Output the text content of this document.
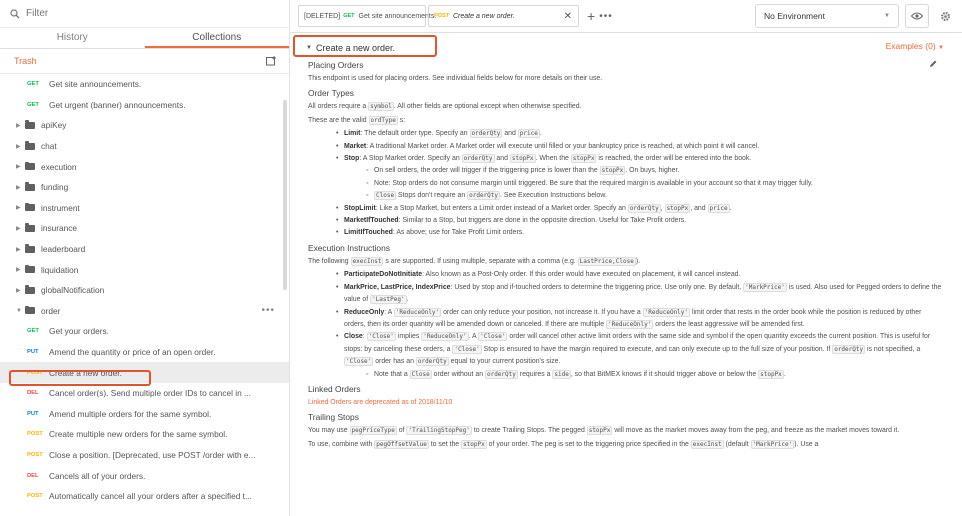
Filter
History	Collections
Trash
GET	Get site announcements.
GET	Get urgent (banner) announcements.
▶	apiKey
▶	chat
▶	execution
▶	funding
▶	instrument
▶	insurance
▶	leaderboard
▶	liquidation
▶	globalNotification
▼	order	•••
GET	Get your orders.
PUT	Amend the quantity or price of an open order.
POST Create a new order.
DEL	Cancel order(s). Send multiple order IDs to cancel in ...
PUT	Amend multiple orders for the same symbol.
POST Create multiple new orders for the same symbol.
POST Close a position. [Deprecated, use POST /order with e...
DEL	Cancels all of your orders.
POST Automatically cancel all your orders after a specified t...
[DELETED] GET Get site announcements.
POST Create a new order.	✕ + •••	No Environment	▼
Examples (0) ▼
▼ Create a new order.
Placing Orders

This endpoint is used for placing orders. See individual fields below for more details on their use.

Order Types

All orders require a symbol . All other fields are optional except when otherwise specified.

These are the valid ordType s:

• Limit: The default order type. Specify an orderQty and price .
• Market: A traditional Market order. A Market order will execute until filled or your bankruptcy price is reached, at which point it will cancel.
• Stop: A Stop Market order. Specify an orderQty and stopPx . When the stopPx is reached, the order will be entered into the book.
◦ On sell orders, the order will trigger if the triggering price is lower than the stopPx . On buys, higher.
◦ Note: Stop orders do not consume margin until triggered. Be sure that the required margin is available in your account so that it may trigger fully.
◦ Close Stops don't require an orderQty . See Execution Instructions below.
• StopLimit: Like a Stop Market, but enters a Limit order instead of a Market order. Specify an orderQty , stopPx , and price .
• MarketIfTouched: Similar to a Stop, but triggers are done in the opposite direction. Useful for Take Profit orders.
• LimitIfTouched: As above; use for Take Profit Limit orders.
Execution Instructions

The following execInst s are supported. If using multiple, separate with a comma (e.g. LastPrice,Close ).

• ParticipateDoNotInitiate: Also known as a Post-Only order. If this order would have executed on placement, it will cancel instead.
• MarkPrice, LastPrice, IndexPrice: Used by stop and if-touched orders to determine the triggering price. Use only one. By default, 'MarkPrice' is used. Also used for Pegged orders to define the value of 'LastPeg' .
• ReduceOnly: A 'ReduceOnly' order can only reduce your position, not increase it. If you have a 'ReduceOnly' limit order that rests in the order book while the position is reduced by other orders, then its order quantity will be amended down or canceled. If there are multiple 'ReduceOnly' orders the least aggressive will be amended first.
• Close: 'Close' implies 'ReduceOnly' . A 'Close' order will cancel other active limit orders with the same side and symbol if the open quantity exceeds the current position. This is useful for stops: by canceling these orders, a 'Close' Stop is ensured to have the margin required to execute, and can only execute up to the full size of your position. If orderQty is not specified, a 'Close' order has an orderQty equal to your current position's size.
◦ Note that a Close order without an orderQty requires a side , so that BitMEX knows if it should trigger above or below the stopPx .
Linked Orders

Linked Orders are deprecated as of 2018/11/10

Trailing Stops

You may use pegPriceType of 'TrailingStopPeg' to create Trailing Stops. The pegged stopPx will move as the market moves away from the peg, and freeze as the market moves toward it.

To use, combine with pegOffsetValue to set the stopPx of your order. The peg is set to the triggering price specified in the execInst (default 'MarkPrice' ). Use a
